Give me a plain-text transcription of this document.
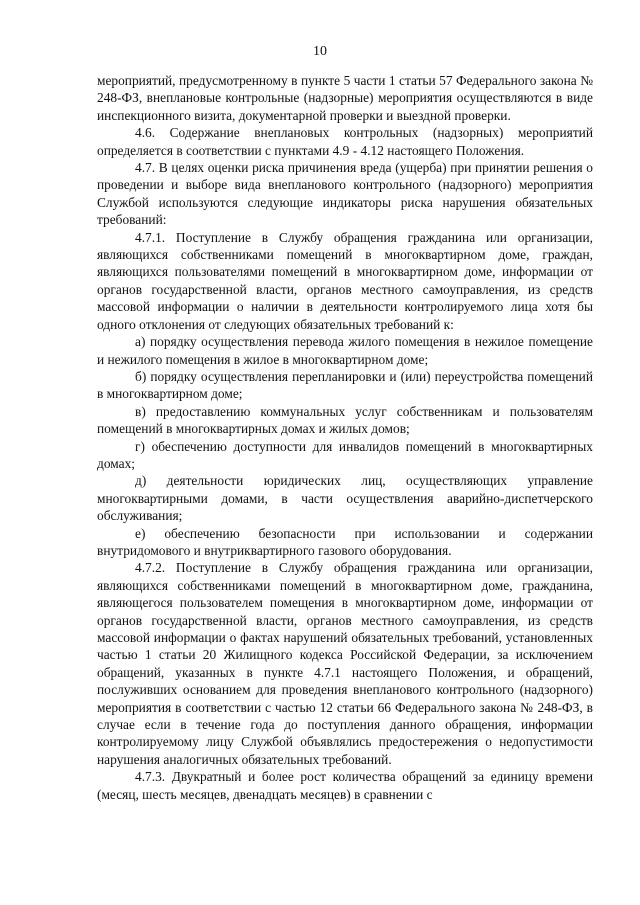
10

мероприятий, предусмотренному в пункте 5 части 1 статьи 57 Федерального закона № 248-ФЗ, внеплановые контрольные (надзорные) мероприятия осуществляются в виде инспекционного визита, документарной проверки и выездной проверки.

4.6. Содержание внеплановых контрольных (надзорных) мероприятий определяется в соответствии с пунктами 4.9 - 4.12 настоящего Положения.

4.7. В целях оценки риска причинения вреда (ущерба) при принятии решения о проведении и выборе вида внепланового контрольного (надзорного) мероприятия Службой используются следующие индикаторы риска нарушения обязательных требований:

4.7.1. Поступление в Службу обращения гражданина или организации, являющихся собственниками помещений в многоквартирном доме, граждан, являющихся пользователями помещений в многоквартирном доме, информации от органов государственной власти, органов местного самоуправления, из средств массовой информации о наличии в деятельности контролируемого лица хотя бы одного отклонения от следующих обязательных требований к:

а) порядку осуществления перевода жилого помещения в нежилое помещение и нежилого помещения в жилое в многоквартирном доме;

б) порядку осуществления перепланировки и (или) переустройства помещений в многоквартирном доме;

в) предоставлению коммунальных услуг собственникам и пользователям помещений в многоквартирных домах и жилых домов;

г) обеспечению доступности для инвалидов помещений в многоквартирных домах;

д) деятельности юридических лиц, осуществляющих управление многоквартирными домами, в части осуществления аварийно-диспетчерского обслуживания;

е) обеспечению безопасности при использовании и содержании внутридомового и внутриквартирного газового оборудования.

4.7.2. Поступление в Службу обращения гражданина или организации, являющихся собственниками помещений в многоквартирном доме, гражданина, являющегося пользователем помещения в многоквартирном доме, информации от органов государственной власти, органов местного самоуправления, из средств массовой информации о фактах нарушений обязательных требований, установленных частью 1 статьи 20 Жилищного кодекса Российской Федерации, за исключением обращений, указанных в пункте 4.7.1 настоящего Положения, и обращений, послуживших основанием для проведения внепланового контрольного (надзорного) мероприятия в соответствии с частью 12 статьи 66 Федерального закона № 248-ФЗ, в случае если в течение года до поступления данного обращения, информации контролируемому лицу Службой объявлялись предостережения о недопустимости нарушения аналогичных обязательных требований.

4.7.3. Двукратный и более рост количества обращений за единицу времени (месяц, шесть месяцев, двенадцать месяцев) в сравнении с
